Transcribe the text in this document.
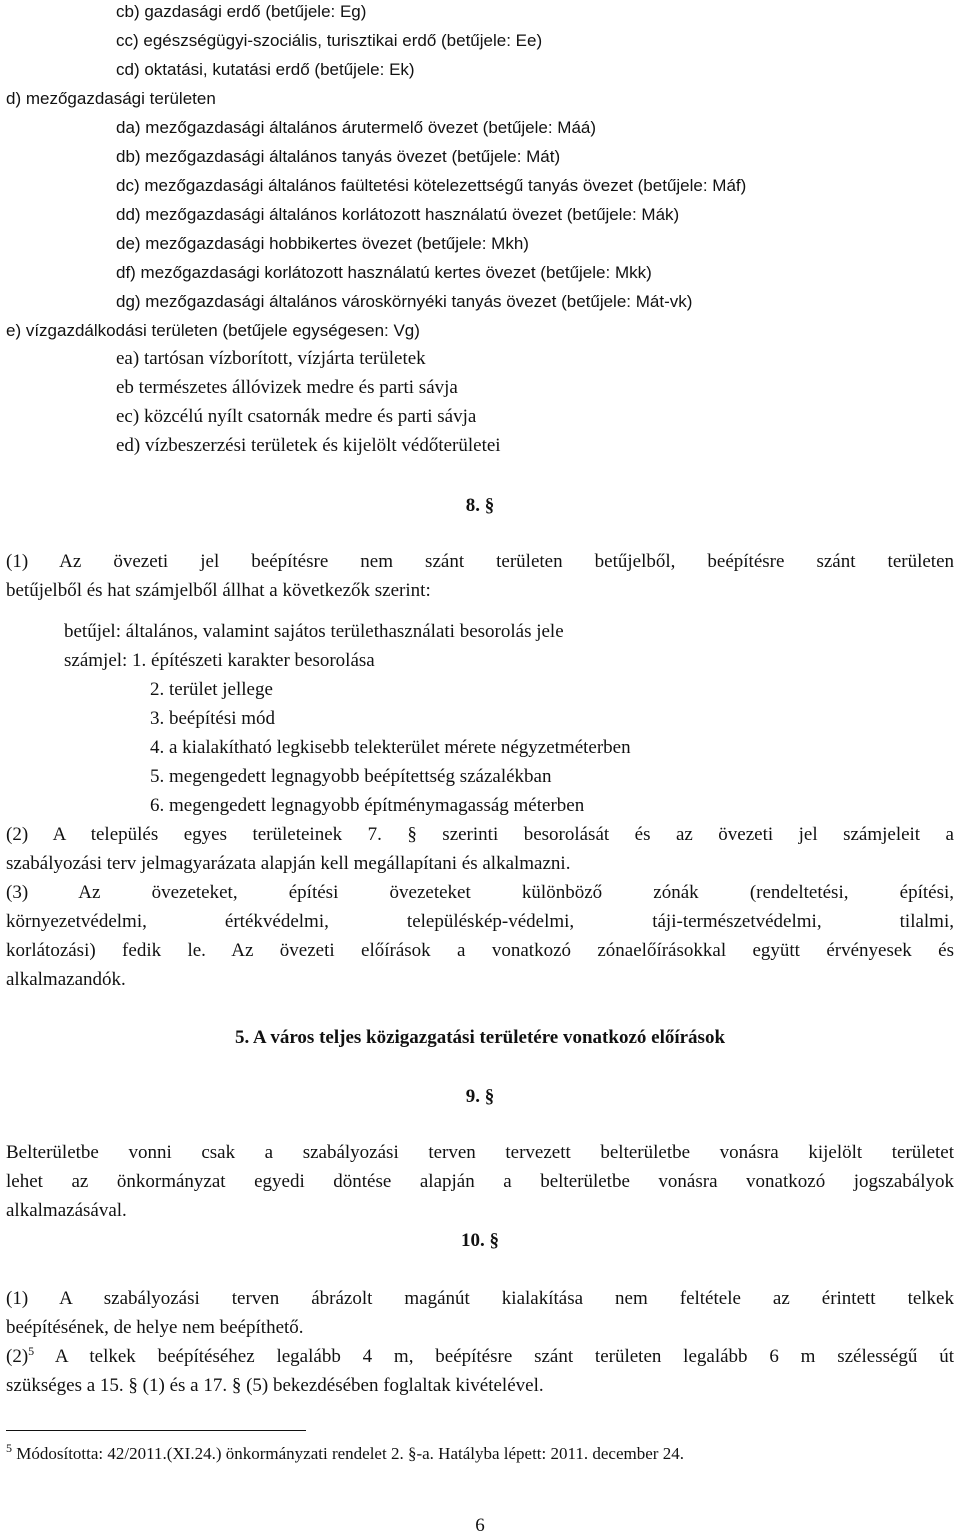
cb) gazdasági erdő (betűjele: Eg)
cc) egészségügyi-szociális, turisztikai erdő (betűjele: Ee)
cd) oktatási, kutatási erdő (betűjele: Ek)
d) mezőgazdasági területen
da) mezőgazdasági általános árutermelő övezet (betűjele: Máá)
db) mezőgazdasági általános tanyás övezet (betűjele: Mát)
dc) mezőgazdasági általános faültetési kötelezettségű tanyás övezet (betűjele: Máf)
dd) mezőgazdasági általános korlátozott használatú övezet (betűjele: Mák)
de) mezőgazdasági hobbikertes övezet (betűjele: Mkh)
df) mezőgazdasági korlátozott használatú kertes övezet (betűjele: Mkk)
dg) mezőgazdasági általános városkörnyéki tanyás övezet (betűjele: Mát-vk)
e) vízgazdálkodási területen (betűjele egységesen: Vg)
ea) tartósan vízborított, vízjárta területek
eb természetes állóvizek medre és parti sávja
ec) közcélú nyílt csatornák medre és parti sávja
ed) vízbeszerzési területek és kijelölt védőterületei
8. §
(1) Az övezeti jel beépítésre nem szánt területen betűjelből, beépítésre szánt területen
betűjelből és hat számjelből állhat a következők szerint:
betűjel: általános, valamint sajátos területhasználati besorolás jele
számjel: 1. építészeti karakter besorolása
2. terület jellege
3. beépítési mód
4. a kialakítható legkisebb telekterület mérete négyzetméterben
5. megengedett legnagyobb beépítettség százalékban
6. megengedett legnagyobb építménymagasság méterben
(2) A település egyes területeinek 7. § szerinti besorolását és az övezeti jel számjeleit a
szabályozási terv jelmagyarázata alapján kell megállapítani és alkalmazni.
(3) Az övezeteket, építési övezeteket különböző zónák (rendeltetési, építési,
környezetvédelmi, értékvédelmi, településkép-védelmi, táji-természetvédelmi, tilalmi,
korlátozási) fedik le. Az övezeti előírások a vonatkozó zónaelőírásokkal együtt érvényesek és
alkalmazandók.
5. A város teljes közigazgatási területére vonatkozó előírások
9. §
Belterületbe vonni csak a szabályozási terven tervezett belterületbe vonásra kijelölt területet
lehet az önkormányzat egyedi döntése alapján a belterületbe vonásra vonatkozó jogszabályok
alkalmazásával.
10. §
(1) A szabályozási terven ábrázolt magánút kialakítása nem feltétele az érintett telkek
beépítésének, de helye nem beépíthető.
$(2)^5$ A telkek beépítéséhez legalább 4 m, beépítésre szánt területen legalább 6 m szélességű út
szükséges a 15. § (1) és a 17. § (5) bekezdésében foglaltak kivételével.
$^5$ Módosította: 42/2011.(XI.24.) önkormányzati rendelet 2. §-a. Hatályba lépett: 2011. december 24.
6
